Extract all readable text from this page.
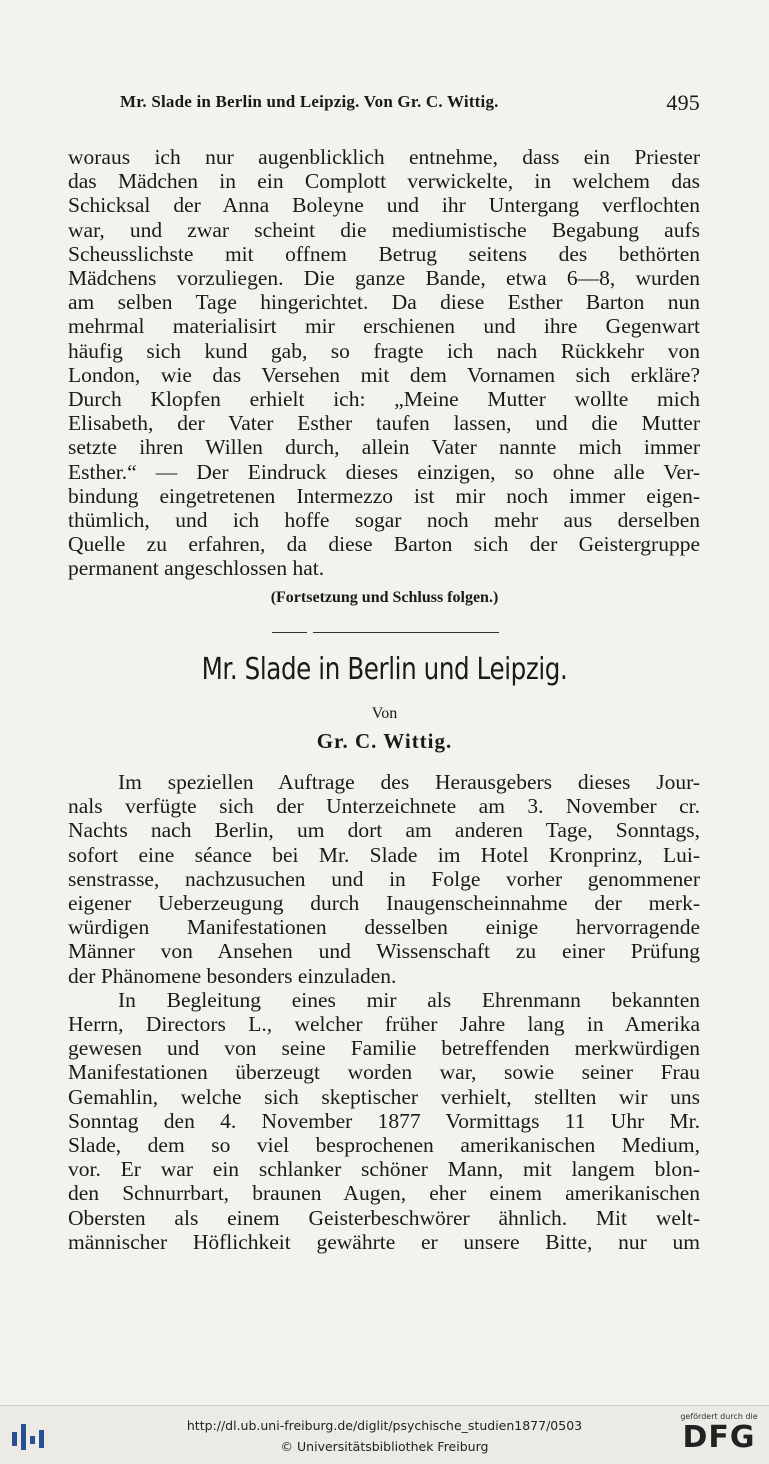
Mr. Slade in Berlin und Leipzig. Von Gr. C. Wittig.	495
woraus ich nur augenblicklich entnehme, dass ein Priester
das Mädchen in ein Complott verwickelte, in welchem das
Schicksal der Anna Boleyne und ihr Untergang verflochten
war, und zwar scheint die mediumistische Begabung aufs
Scheusslichste mit offnem Betrug seitens des bethörten
Mädchens vorzuliegen. Die ganze Bande, etwa 6—8, wurden
am selben Tage hingerichtet. Da diese Esther Barton nun
mehrmal materialisirt mir erschienen und ihre Gegenwart
häufig sich kund gab, so fragte ich nach Rückkehr von
London, wie das Versehen mit dem Vornamen sich erkläre?
Durch Klopfen erhielt ich: „Meine Mutter wollte mich
Elisabeth, der Vater Esther taufen lassen, und die Mutter
setzte ihren Willen durch, allein Vater nannte mich immer
Esther.“ — Der Eindruck dieses einzigen, so ohne alle Ver-
bindung eingetretenen Intermezzo ist mir noch immer eigen-
thümlich, und ich hoffe sogar noch mehr aus derselben
Quelle zu erfahren, da diese Barton sich der Geistergruppe
permanent angeschlossen hat.
(Fortsetzung und Schluss folgen.)
Mr. Slade in Berlin und Leipzig.
Von
Gr. C. Wittig.
Im speziellen Auftrage des Herausgebers dieses Jour-
nals verfügte sich der Unterzeichnete am 3. November cr.
Nachts nach Berlin, um dort am anderen Tage, Sonntags,
sofort eine séance bei Mr. Slade im Hotel Kronprinz, Lui-
senstrasse, nachzusuchen und in Folge vorher genommener
eigener Ueberzeugung durch Inaugenscheinnahme der merk-
würdigen Manifestationen desselben einige hervorragende
Männer von Ansehen und Wissenschaft zu einer Prüfung
der Phänomene besonders einzuladen.
In Begleitung eines mir als Ehrenmann bekannten
Herrn, Directors L., welcher früher Jahre lang in Amerika
gewesen und von seine Familie betreffenden merkwürdigen
Manifestationen überzeugt worden war, sowie seiner Frau
Gemahlin, welche sich skeptischer verhielt, stellten wir uns
Sonntag den 4. November 1877 Vormittags 11 Uhr Mr.
Slade, dem so viel besprochenen amerikanischen Medium,
vor. Er war ein schlanker schöner Mann, mit langem blon-
den Schnurrbart, braunen Augen, eher einem amerikanischen
Obersten als einem Geisterbeschwörer ähnlich. Mit welt-
männischer Höflichkeit gewährte er unsere Bitte, nur um
http://dl.ub.uni-freiburg.de/diglit/psychische_studien1877/0503
© Universitätsbibliothek Freiburg
gefördert durch die
DFG
